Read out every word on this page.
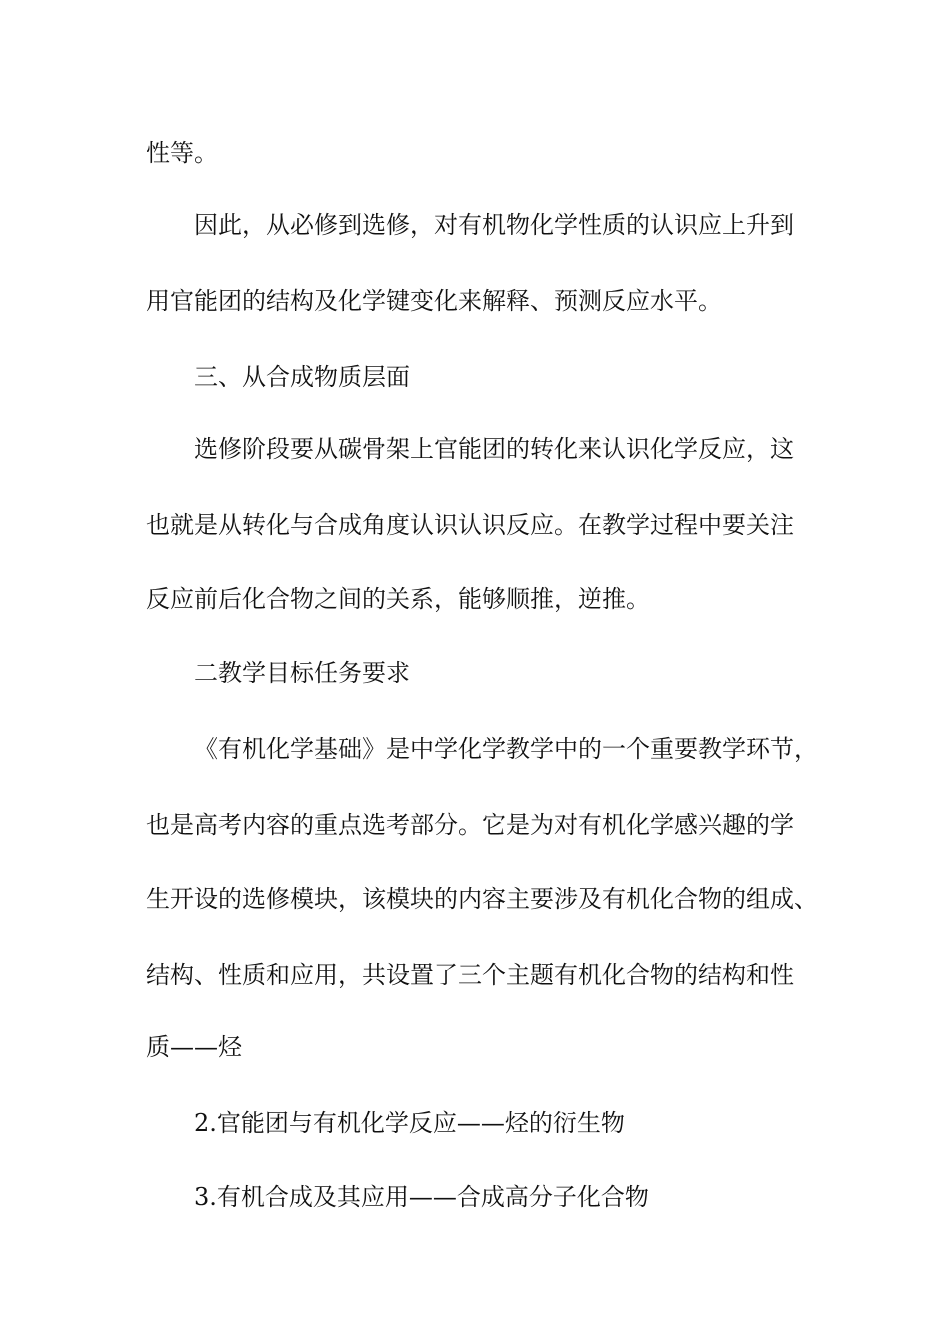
性等。

因此，从必修到选修，对有机物化学性质的认识应上升到

用官能团的结构及化学键变化来解释、预测反应水平。

三、从合成物质层面

选修阶段要从碳骨架上官能团的转化来认识化学反应，这

也就是从转化与合成角度认识认识反应。在教学过程中要关注

反应前后化合物之间的关系，能够顺推，逆推。

二教学目标任务要求

《有机化学基础》是中学化学教学中的一个重要教学环节，

也是高考内容的重点选考部分。它是为对有机化学感兴趣的学

生开设的选修模块，该模块的内容主要涉及有机化合物的组成、

结构、性质和应用，共设置了三个主题有机化合物的结构和性

质——烃

2.官能团与有机化学反应——烃的衍生物

3.有机合成及其应用——合成高分子化合物
